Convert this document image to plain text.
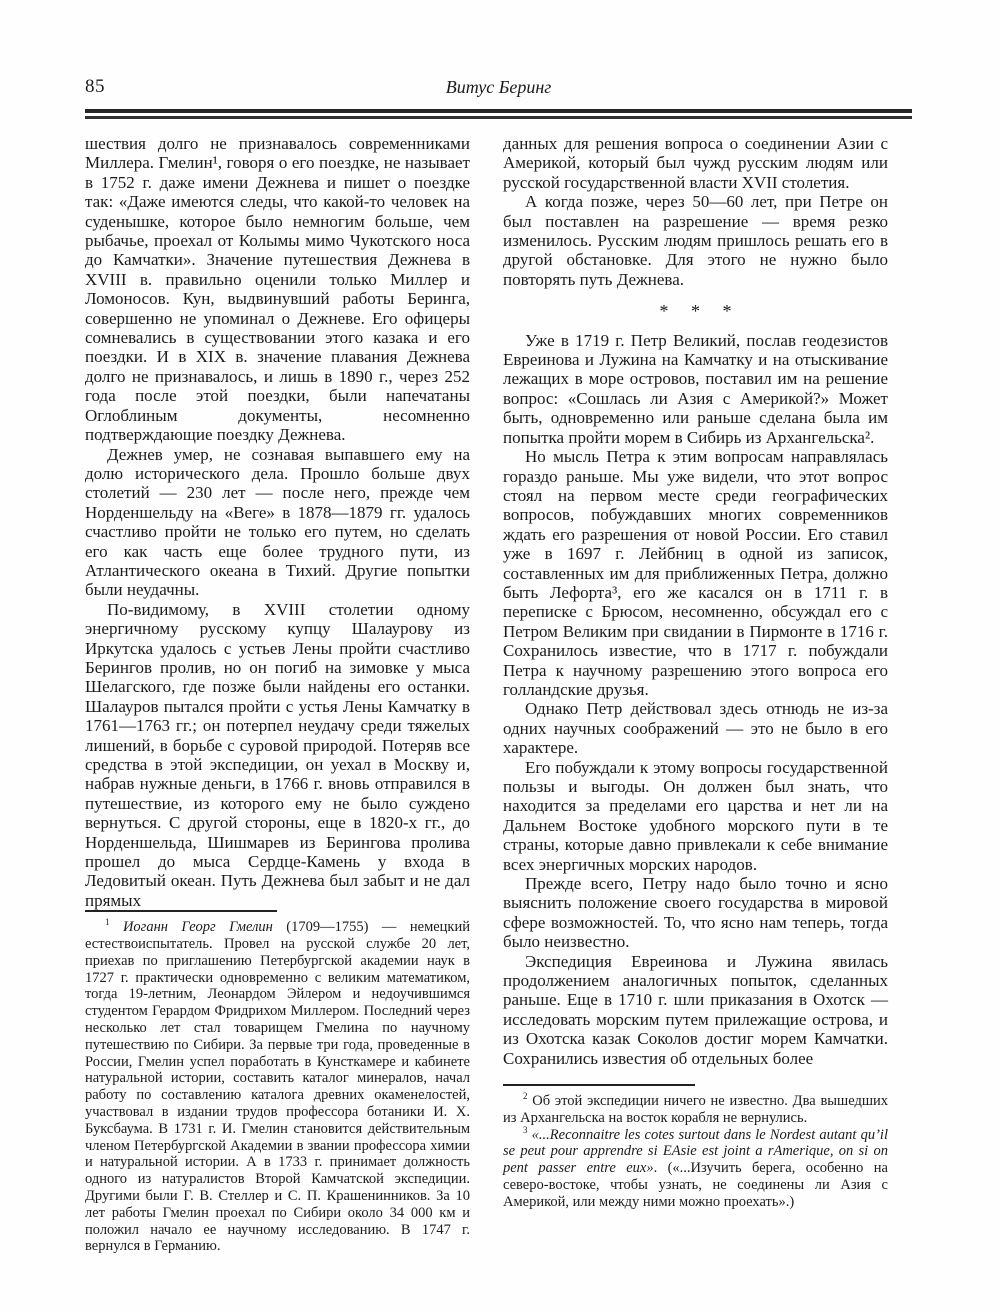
85	Витус Беринг

шествия долго не признавалось современниками Миллера. Гмелин¹, говоря о его поездке, не называет в 1752 г. даже имени Дежнева и пишет о поездке так: «Даже имеются следы, что какой-то человек на суденышке, которое было немногим больше, чем рыбачье, проехал от Колымы мимо Чукотского носа до Камчатки». Значение путешествия Дежнева в XVIII в. правильно оценили только Миллер и Ломоносов. Кун, выдвинувший работы Беринга, совершенно не упоминал о Дежневе. Его офицеры сомневались в существовании этого казака и его поездки. И в XIX в. значение плавания Дежнева долго не признавалось, и лишь в 1890 г., через 252 года после этой поездки, были напечатаны Оглоблиным документы, несомненно подтверждающие поездку Дежнева.

Дежнев умер, не сознавая выпавшего ему на долю исторического дела. Прошло больше двух столетий — 230 лет — после него, прежде чем Норденшельду на «Веге» в 1878—1879 гг. удалось счастливо пройти не только его путем, но сделать его как часть еще более трудного пути, из Атлантического океана в Тихий. Другие попытки были неудачны.

По-видимому, в XVIII столетии одному энергичному русскому купцу Шалаурову из Иркутска удалось с устьев Лены пройти счастливо Берингов пролив, но он погиб на зимовке у мыса Шелагского, где позже были найдены его останки. Шалауров пытался пройти с устья Лены Камчатку в 1761—1763 гг.; он потерпел неудачу среди тяжелых лишений, в борьбе с суровой природой. Потеряв все средства в этой экспедиции, он уехал в Москву и, набрав нужные деньги, в 1766 г. вновь отправился в путешествие, из которого ему не было суждено вернуться. С другой стороны, еще в 1820-х гг., до Норденшельда, Шишмарев из Берингова пролива прошел до мыса Сердце-Камень у входа в Ледовитый океан. Путь Дежнева был забыт и не дал прямых

$^1$ Иоганн Георг Гмелин (1709—1755) — немецкий естествоиспытатель. Провел на русской службе 20 лет, приехав по приглашению Петербургской академии наук в 1727 г. практически одновременно с великим математиком, тогда 19-летним, Леонардом Эйлером и недоучившимся студентом Герардом Фридрихом Миллером. Последний через несколько лет стал товарищем Гмелина по научному путешествию по Сибири. За первые три года, проведенные в России, Гмелин успел поработать в Кунсткамере и кабинете натуральной истории, составить каталог минералов, начал работу по составлению каталога древних окаменелостей, участвовал в издании трудов профессора ботаники И. Х. Буксбаума. В 1731 г. И. Гмелин становится действительным членом Петербургской Академии в звании профессора химии и натуральной истории. А в 1733 г. принимает должность одного из натуралистов Второй Камчатской экспедиции. Другими были Г. В. Стеллер и С. П. Крашенинников. За 10 лет работы Гмелин проехал по Сибири около 34 000 км и положил начало ее научному исследованию. В 1747 г. вернулся в Германию.

данных для решения вопроса о соединении Азии с Америкой, который был чужд русским людям или русской государственной власти XVII столетия.

А когда позже, через 50—60 лет, при Петре он был поставлен на разрешение — время резко изменилось. Русским людям пришлось решать его в другой обстановке. Для этого не нужно было повторять путь Дежнева.

* * *

Уже в 1719 г. Петр Великий, послав геодезистов Евреинова и Лужина на Камчатку и на отыскивание лежащих в море островов, поставил им на решение вопрос: «Сошлась ли Азия с Америкой?» Может быть, одновременно или раньше сделана была им попытка пройти морем в Сибирь из Архангельска².

Но мысль Петра к этим вопросам направлялась гораздо раньше. Мы уже видели, что этот вопрос стоял на первом месте среди географических вопросов, побуждавших многих современников ждать его разрешения от новой России. Его ставил уже в 1697 г. Лейбниц в одной из записок, составленных им для приближенных Петра, должно быть Лефорта³, его же касался он в 1711 г. в переписке с Брюсом, несомненно, обсуждал его с Петром Великим при свидании в Пирмонте в 1716 г. Сохранилось известие, что в 1717 г. побуждали Петра к научному разрешению этого вопроса его голландские друзья.

Однако Петр действовал здесь отнюдь не из-за одних научных соображений — это не было в его характере.

Его побуждали к этому вопросы государственной пользы и выгоды. Он должен был знать, что находится за пределами его царства и нет ли на Дальнем Востоке удобного морского пути в те страны, которые давно привлекали к себе внимание всех энергичных морских народов.

Прежде всего, Петру надо было точно и ясно выяснить положение своего государства в мировой сфере возможностей. То, что ясно нам теперь, тогда было неизвестно.

Экспедиция Евреинова и Лужина явилась продолжением аналогичных попыток, сделанных раньше. Еще в 1710 г. шли приказания в Охотск — исследовать морским путем прилежащие острова, и из Охотска казак Соколов достиг морем Камчатки. Сохранились известия об отдельных более

$^2$ Об этой экспедиции ничего не известно. Два вышедших из Архангельска на восток корабля не вернулись.

$^3$ «...Reconnaitre les cotes surtout dans le Nordest autant qu’il se peut pour apprendre si EAsie est joint a rAmerique, on si on pent passer entre eux». («...Изучить берега, особенно на северо-востоке, чтобы узнать, не соединены ли Азия с Америкой, или между ними можно проехать».)
